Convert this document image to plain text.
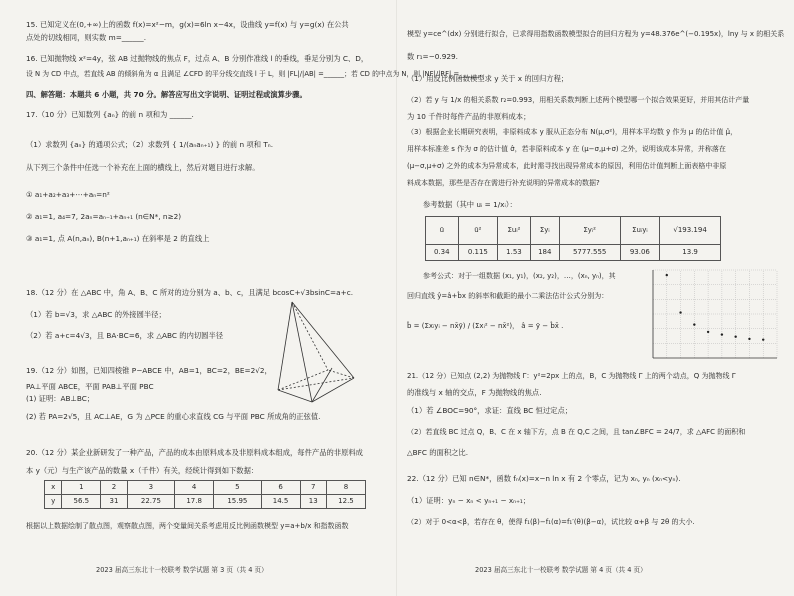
15. 已知定义在(0,+∞)上的函数 f(x)=x²−m，g(x)=6ln x−4x，设曲线 y=f(x) 与 y=g(x) 在公共
点处的切线相同，则实数 m=______.
16. 已知抛物线 x²=4y，弦 AB 过抛物线的焦点 F，过点 A、B 分别作准线 l 的垂线，垂足分别为 C、D，
设 N 为 CD 中点，若直线 AB 的倾斜角为 α 且满足 ∠CFD 的平分线交直线 l 于 L，则 |FL|/|AB| =______；若 CD 的中点为 N，则 |NF|/|RF| =______.
四、解答题：本题共 6 小题，共 70 分。解答应写出文字说明、证明过程或演算步骤。
17.（10 分）已知数列 {aₙ} 的前 n 项和为 ______.
（1）求数列 {aₙ} 的通项公式；（2）求数列 { 1/(aₙaₙ₊₁) } 的前 n 项和 Tₙ.
从下列三个条件中任选一个补充在上面的横线上，然后对题目进行求解。
① a₁+a₂+a₃+⋯+aₙ=n²
② a₁=1, a₄=7, 2aₙ=aₙ₋₁+aₙ₊₁ (n∈N*, n≥2)
③ a₁=1, 点 A(n,aₙ), B(n+1,aₙ₊₁) 在斜率是 2 的直线上
18.（12 分）在 △ABC 中，角 A、B、C 所对的边分别为 a、b、c，且满足 bcosC+√3bsinC=a+c.
（1）若 b=√3，求 △ABC 的外接圆半径；
（2）若 a+c=4√3，且 BA·BC=6，求 △ABC 的内切圆半径
19.（12 分）如图，已知四棱锥 P−ABCE 中，AB=1，BC=2，BE=2√2，
PA⊥平面 ABCE，平面 PAB⊥平面 PBC
(1) 证明：AB⊥BC；
(2) 若 PA=2√5，且 AC⊥AE，G 为 △PCE 的重心求直线 CG 与平面 PBC 所成角的正弦值.
20.（12 分）某企业新研发了一种产品，产品的成本由原料成本及非原料成本组成，每件产品的非原料成
本 y（元）与生产该产品的数量 x（千件）有关，经统计得到如下数据：
x	1	2	3	4	5	6	7	8
y	56.5	31	22.75	17.8	15.95	14.5	13	12.5
根据以上数据绘制了散点图，观察散点图，两个变量间关系考虑用反比例函数模型 y=a+b/x 和指数函数
2023 届高三东北十一校联考 数学试题 第 3 页（共 4 页）
模型 y=ce^(dx) 分别进行拟合，已求得用指数函数模型拟合的回归方程为 y=48.376e^(−0.195x)，lny 与 x 的相关系
数 r₁=−0.929.
（1）用反比例函数模型求 y 关于 x 的回归方程；
（2）若 y 与 1/x 的相关系数 r₂=0.993，用相关系数判断上述两个模型哪一个拟合效果更好，并用其估计产量
为 10 千件时每件产品的非原料成本；
（3）根据企业长期研究表明，非原料成本 y 服从正态分布 N(μ,σ²)，用样本平均数 ȳ 作为 μ 的估计值 μ̂，
用样本标准差 s 作为 σ 的估计值 σ̂，若非原料成本 y 在 (μ−σ,μ+σ) 之外，说明该成本异常，并称落在
(μ−σ,μ+σ) 之外的成本为异常成本，此时需寻找出现异常成本的原因，利用估计值判断上面表格中非原
料成本数据，那些是否存在需进行补充说明的异常成本的数据?
参考数据（其中 uᵢ = 1/xᵢ）：
ū	ū²	Σuᵢ²	Σyᵢ	Σyᵢ²	Σuᵢyᵢ	√193.194
0.34	0.115	1.53	184	5777.555	93.06	13.9
参考公式：对于一组数据 (x₁, y₁)，(x₂, y₂)，…，(xₙ, yₙ)，其
回归直线 ŷ=â+b̂x 的斜率和截距的最小二乘法估计公式分别为：
b̂ = (Σxᵢyᵢ − nx̄ȳ) / (Σxᵢ² − nx̄²)， â = ȳ − b̂x̄ .
21.（12 分）已知点 (2,2) 为抛物线 Γ：y²=2px 上的点，B，C 为抛物线 Γ 上的两个动点，Q 为抛物线 Γ
的准线与 x 轴的交点，F 为抛物线的焦点.
（1）若 ∠BOC=90°，求证：直线 BC 恒过定点；
（2）若直线 BC 过点 Q，B、C 在 x 轴下方，点 B 在 Q,C 之间，且 tan∠BFC = 24/7，求 △AFC 的面积和
△BFC 的面积之比.
22.（12 分）已知 n∈N*，函数 fₙ(x)=x−n ln x 有 2 个零点，记为 xₙ, yₙ (xₙ<yₙ).
（1）证明：yₙ − xₙ < yₙ₊₁ − xₙ₊₁；
（2）对于 0<α<β，若存在 θ，使得 f₁(β)−f₁(α)=f₁′(θ)(β−α)，试比较 α+β 与 2θ 的大小.
2023 届高三东北十一校联考 数学试题 第 4 页（共 4 页）
